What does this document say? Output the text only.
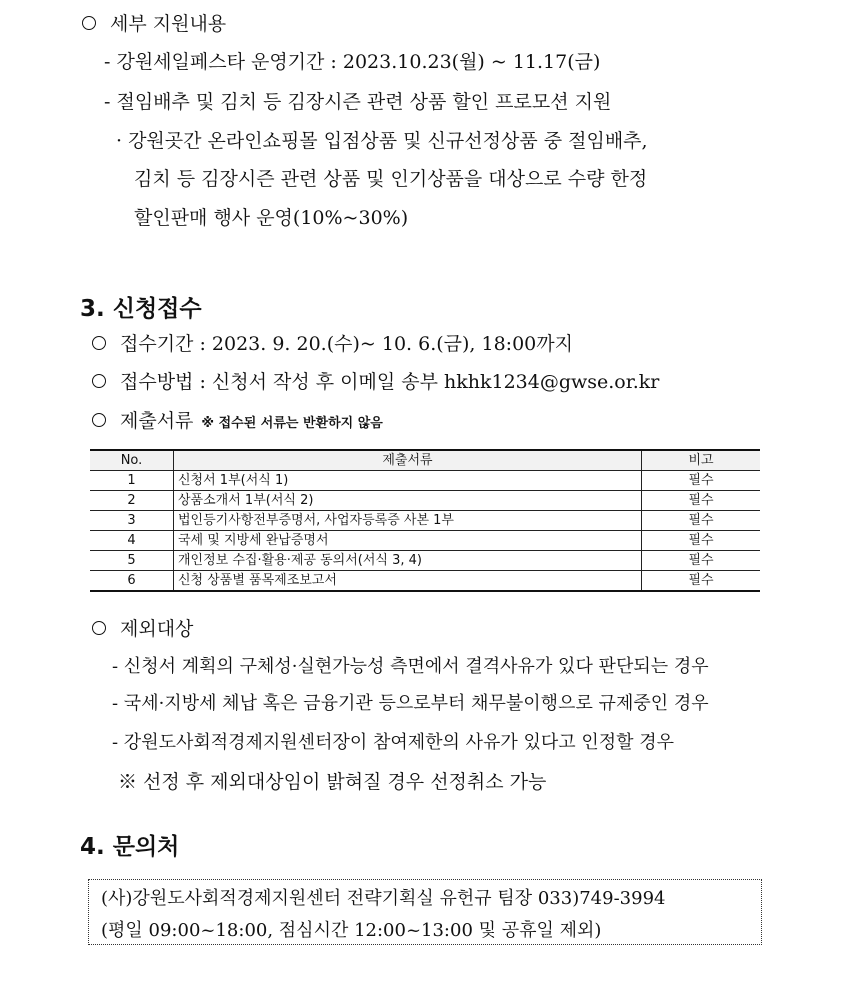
세부 지원내용
- 강원세일페스타 운영기간 : 2023.10.23(월) ~ 11.17(금)
- 절임배추 및 김치 등 김장시즌 관련 상품 할인 프로모션 지원
· 강원곳간 온라인쇼핑몰 입점상품 및 신규선정상품 중 절임배추,
김치 등 김장시즌 관련 상품 및 인기상품을 대상으로 수량 한정
할인판매 행사 운영(10%~30%)
3. 신청접수
접수기간 : 2023. 9. 20.(수)~ 10. 6.(금), 18:00까지
접수방법 : 신청서 작성 후 이메일 송부 hkhk1234@gwse.or.kr
제출서류 ※ 접수된 서류는 반환하지 않음
No.	제출서류	비고
1	신청서 1부(서식 1)	필수
2	상품소개서 1부(서식 2)	필수
3	법인등기사항전부증명서, 사업자등록증 사본 1부	필수
4	국세 및 지방세 완납증명서	필수
5	개인정보 수집·활용·제공 동의서(서식 3, 4)	필수
6	신청 상품별 품목제조보고서	필수
제외대상
- 신청서 계획의 구체성·실현가능성 측면에서 결격사유가 있다 판단되는 경우
- 국세·지방세 체납 혹은 금융기관 등으로부터 채무불이행으로 규제중인 경우
- 강원도사회적경제지원센터장이 참여제한의 사유가 있다고 인정할 경우
※ 선정 후 제외대상임이 밝혀질 경우 선정취소 가능
4. 문의처
(사)강원도사회적경제지원센터 전략기획실 유헌규 팀장 033)749-3994
(평일 09:00~18:00, 점심시간 12:00~13:00 및 공휴일 제외)
